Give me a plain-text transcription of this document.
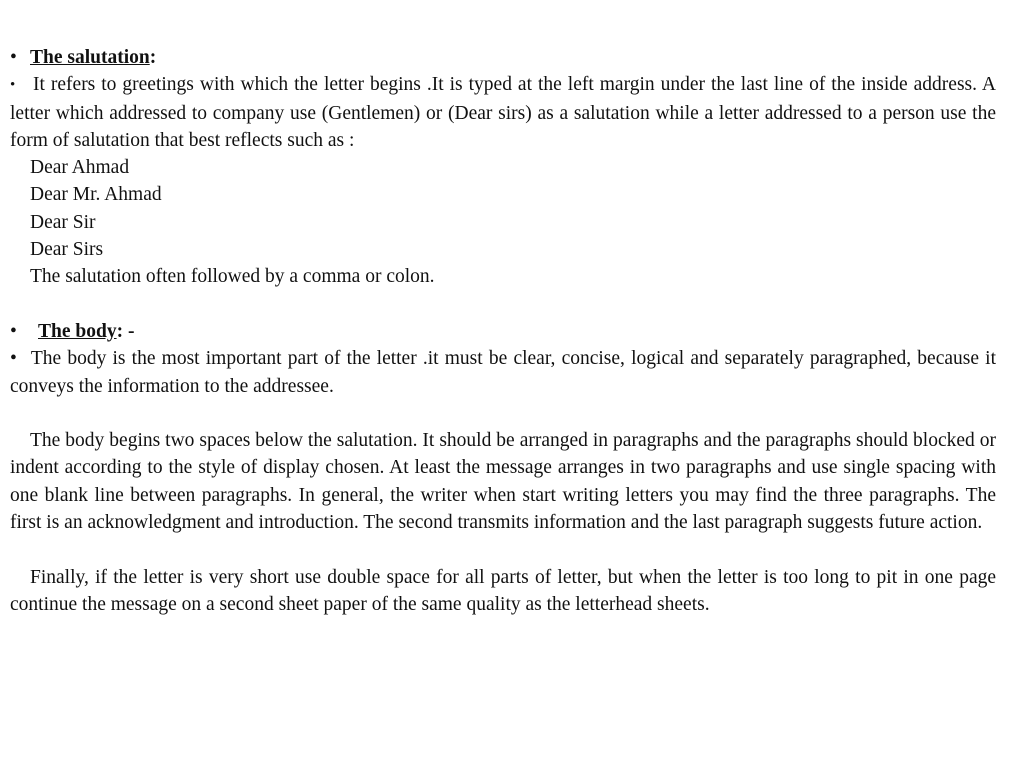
• The salutation:
• It refers to greetings with which the letter begins .It is typed at the left margin under the last line of the inside address. A letter which addressed to company use (Gentlemen) or (Dear sirs) as a salutation while a letter addressed to a person use the form of salutation that best reflects such as :
Dear Ahmad
Dear Mr. Ahmad
Dear Sir
Dear Sirs
The salutation often followed by a comma or colon.
• The body: -
• The body is the most important part of the letter .it must be clear, concise, logical and separately paragraphed, because it conveys the information to the addressee.
The body begins two spaces below the salutation. It should be arranged in paragraphs and the paragraphs should blocked or indent according to the style of display chosen. At least the message arranges in two paragraphs and use single spacing with one blank line between paragraphs. In general, the writer when start writing letters you may find the three paragraphs. The first is an acknowledgment and introduction. The second transmits information and the last paragraph suggests future action.
Finally, if the letter is very short use double space for all parts of letter, but when the letter is too long to pit in one page continue the message on a second sheet paper of the same quality as the letterhead sheets.
